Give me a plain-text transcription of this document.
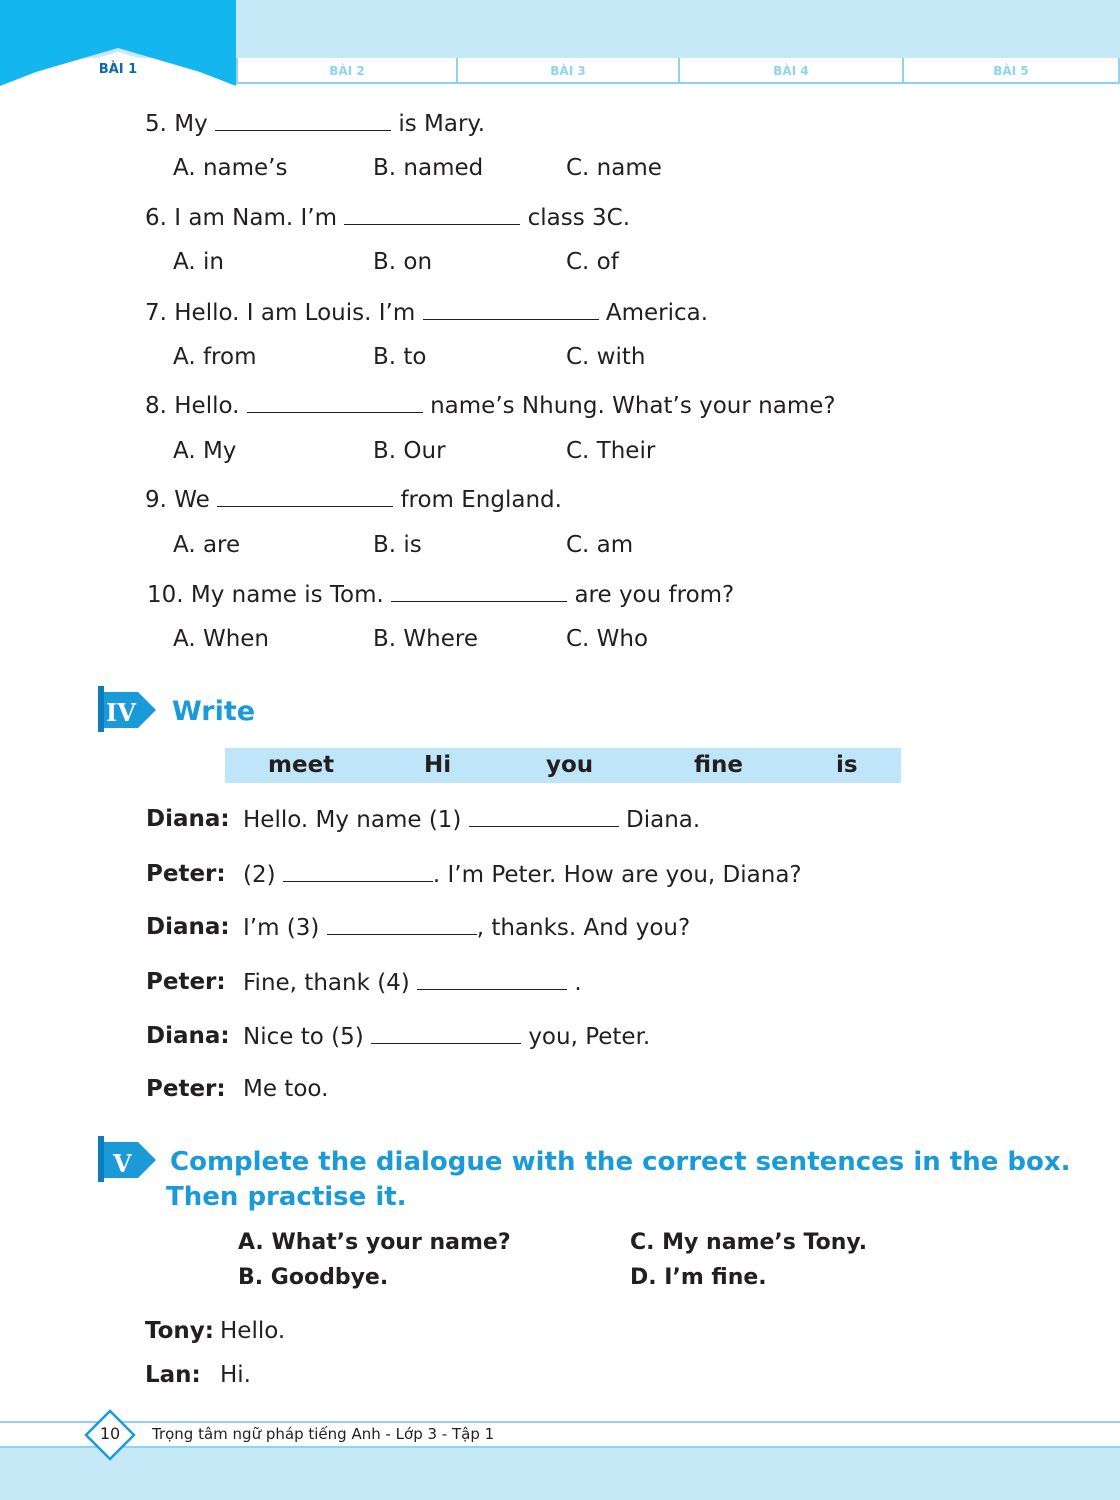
BÀI 1	BÀI 2	BÀI 3	BÀI 4	BÀI 5
5. My	is Mary.
A. name’s	B. named	C. name
6. I am Nam. I’m	class 3C.
A. in	B. on	C. of
7. Hello. I am Louis. I’m	America.
A. from	B. to	C. with
8. Hello.	name’s Nhung. What’s your name?
A. My	B. Our	C. Their
9. We	from England.
A. are	B. is	C. am
10. My name is Tom.	are you from?
A. When	B. Where	C. Who
IV Write
meet	Hi	you	fine	is
Diana: Hello. My name (1)	Diana.
Peter: (2)	. I’m Peter. How are you, Diana?
Diana: I’m (3)	, thanks. And you?
Peter: Fine, thank (4)	.
Diana: Nice to (5)	you, Peter.
Peter: Me too.
V Complete the dialogue with the correct sentences in the box.
Then practise it.
A. What’s your name?	C. My name’s Tony.
B. Goodbye.	D. I’m fine.
Tony: Hello.
Lan: Hi.
10	Trọng tâm ngữ pháp tiếng Anh - Lớp 3 - Tập 1
